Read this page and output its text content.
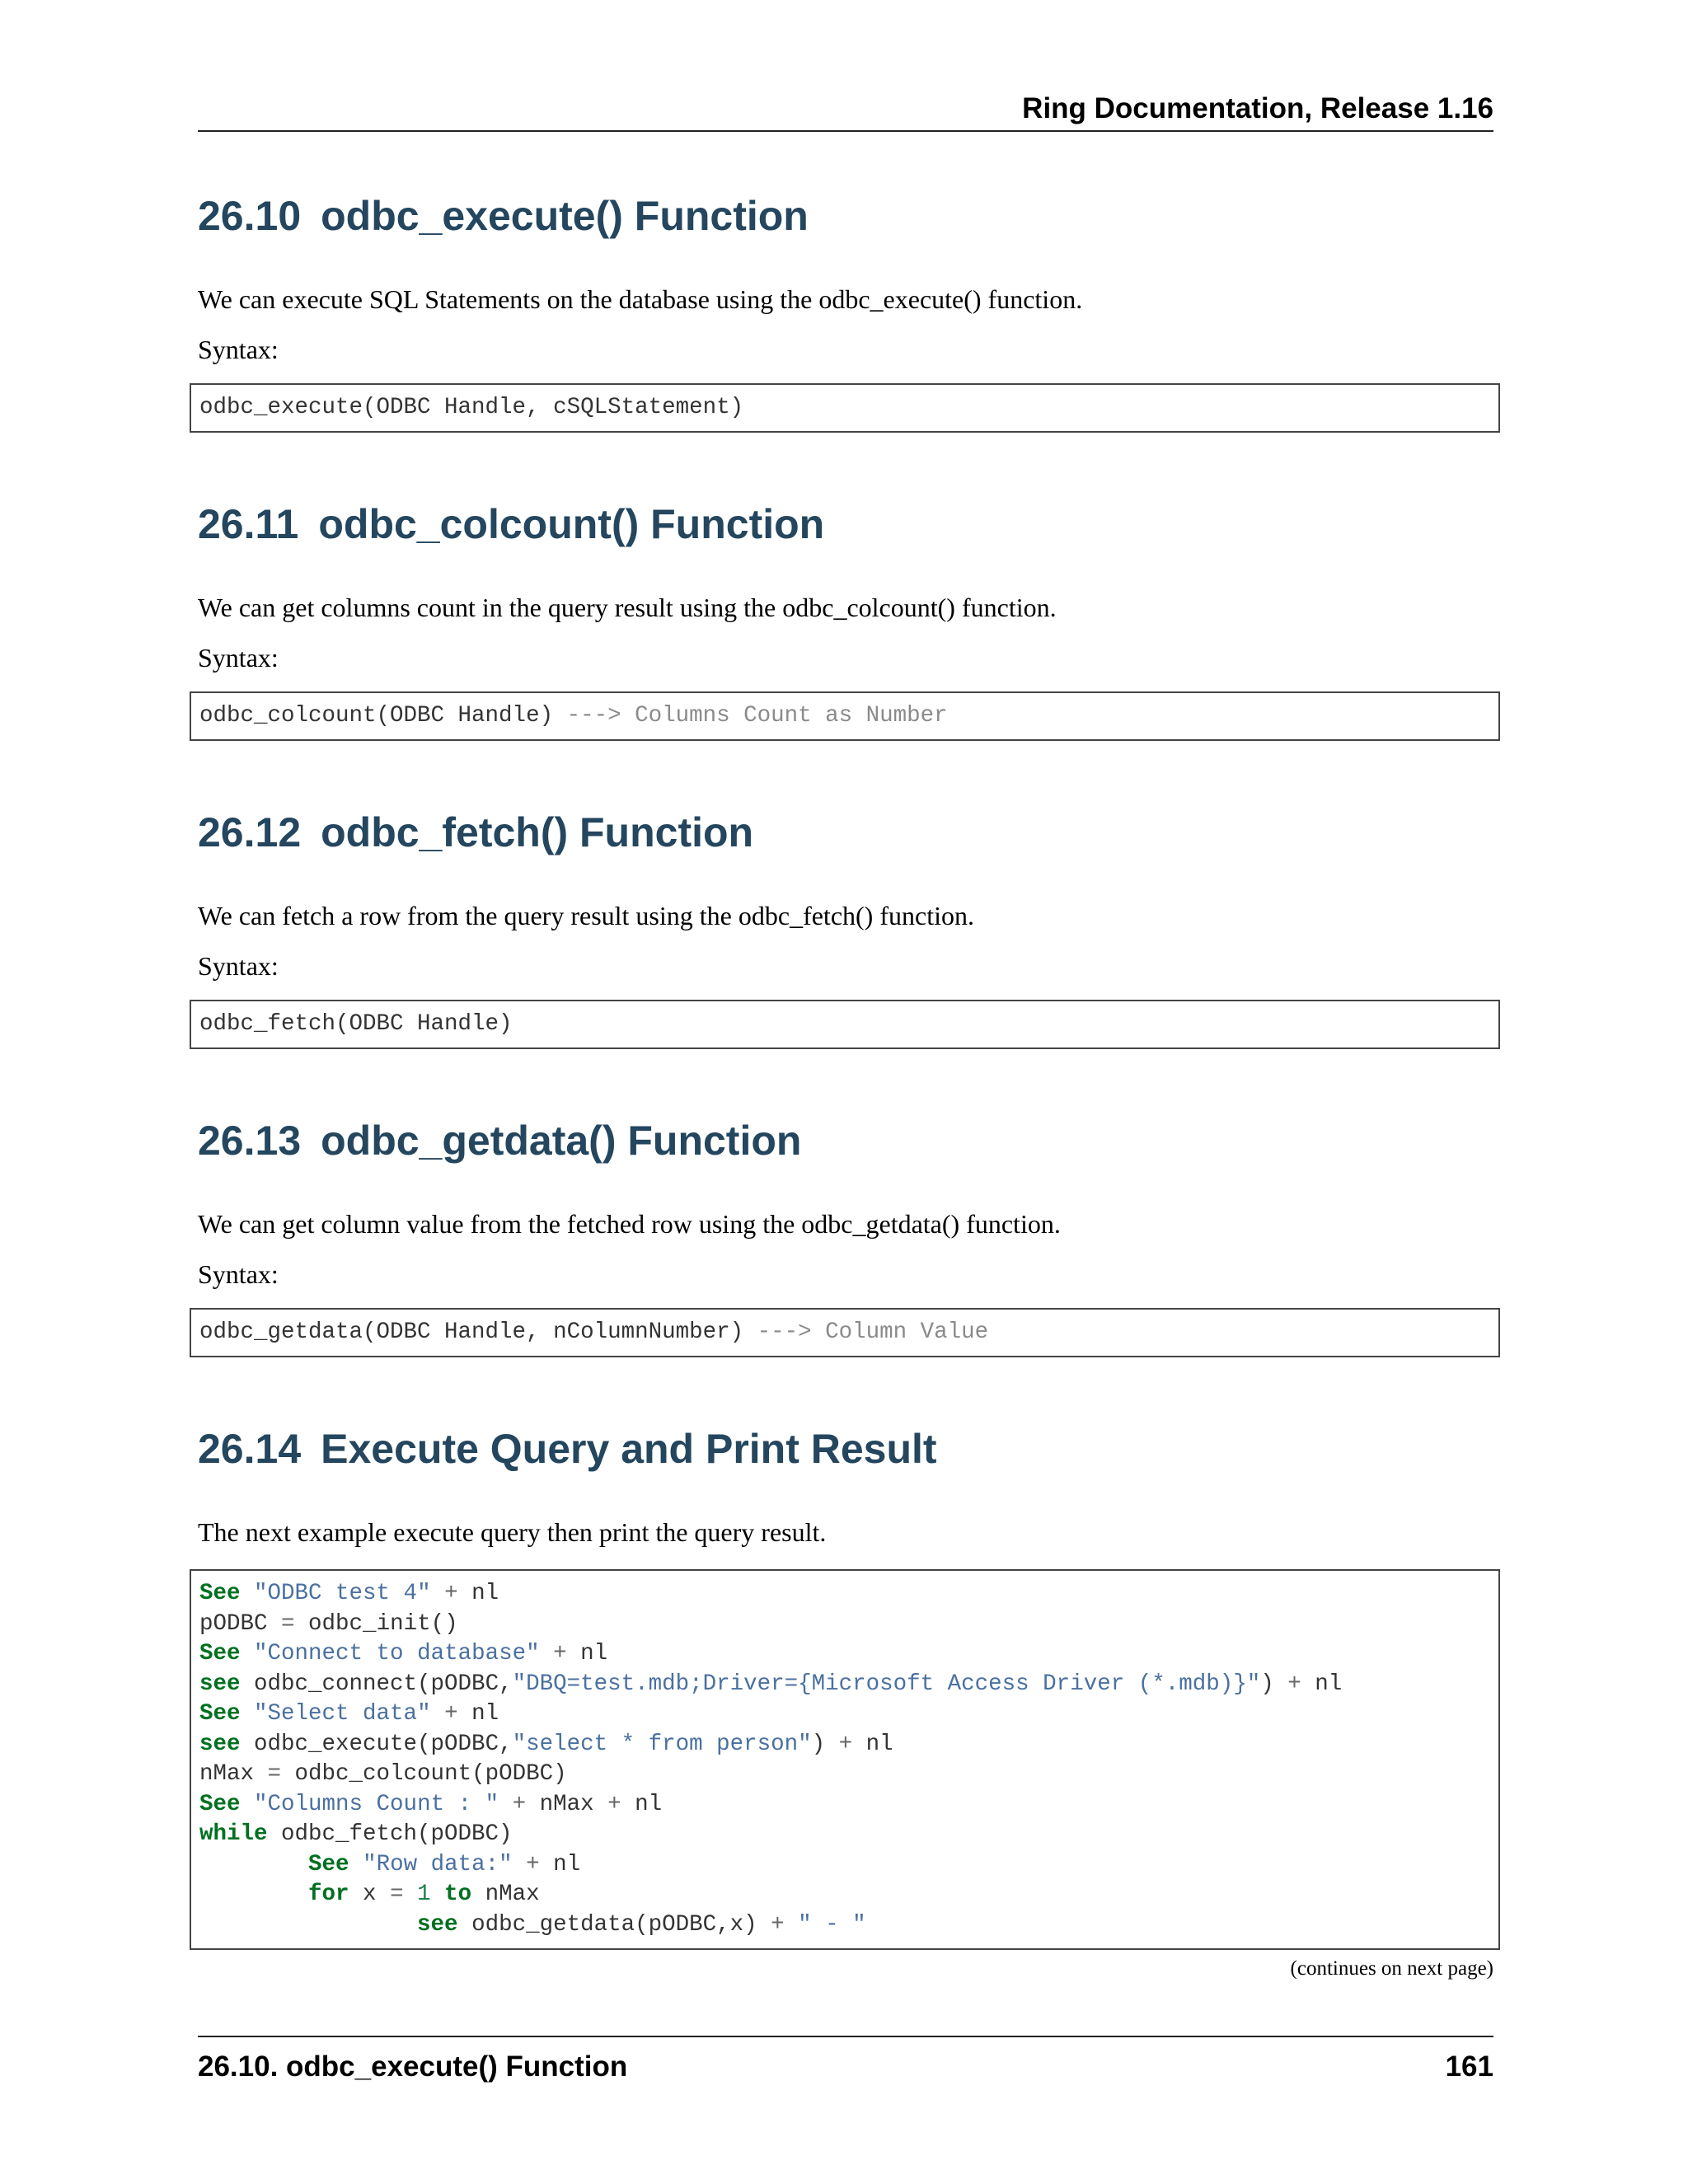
Ring Documentation, Release 1.16
26.10 odbc_execute() Function

We can execute SQL Statements on the database using the odbc_execute() function.

Syntax:

odbc_execute(ODBC Handle, cSQLStatement)
26.11 odbc_colcount() Function

We can get columns count in the query result using the odbc_colcount() function.

Syntax:

odbc_colcount(ODBC Handle) ---> Columns Count as Number
26.12 odbc_fetch() Function

We can fetch a row from the query result using the odbc_fetch() function.

Syntax:

odbc_fetch(ODBC Handle)
26.13 odbc_getdata() Function

We can get column value from the fetched row using the odbc_getdata() function.

Syntax:

odbc_getdata(ODBC Handle, nColumnNumber) ---> Column Value
26.14 Execute Query and Print Result

The next example execute query then print the query result.

See "ODBC test 4" + nl
pODBC = odbc_init()
See "Connect to database" + nl
see odbc_connect(pODBC,"DBQ=test.mdb;Driver={Microsoft Access Driver (*.mdb)}") + nl
See "Select data" + nl
see odbc_execute(pODBC,"select * from person") + nl
nMax = odbc_colcount(pODBC)
See "Columns Count : " + nMax + nl
while odbc_fetch(pODBC)
See "Row data:" + nl
for x = 1 to nMax
see odbc_getdata(pODBC,x) + " - "
(continues on next page)
26.10. odbc_execute() Function	161
